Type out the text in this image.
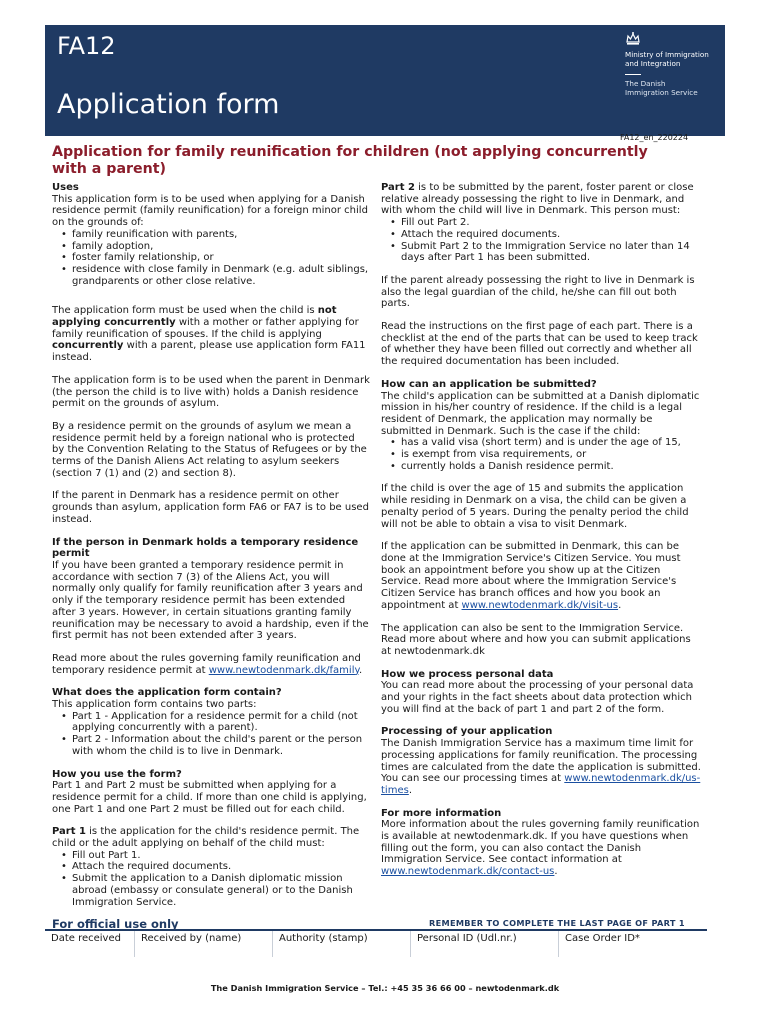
FA12
Application form
Ministry of Immigration
and Integration
The Danish
Immigration Service
FA12_en_220224
Application for family reunification for children (not applying concurrently with a parent)

Uses

This application form is to be used when applying for a Danish residence permit (family reunification) for a foreign minor child on the grounds of:

• family reunification with parents,
• family adoption,
• foster family relationship, or
• residence with close family in Denmark (e.g. adult siblings, grandparents or other close relative.

The application form must be used when the child is not applying concurrently with a mother or father applying for family reunification of spouses. If the child is applying concurrently with a parent, please use application form FA11 instead.

The application form is to be used when the parent in Denmark (the person the child is to live with) holds a Danish residence permit on the grounds of asylum.

By a residence permit on the grounds of asylum we mean a residence permit held by a foreign national who is protected by the Convention Relating to the Status of Refugees or by the terms of the Danish Aliens Act relating to asylum seekers (section 7 (1) and (2) and section 8).

If the parent in Denmark has a residence permit on other grounds than asylum, application form FA6 or FA7 is to be used instead.

If the person in Denmark holds a temporary residence permit

If you have been granted a temporary residence permit in accordance with section 7 (3) of the Aliens Act, you will normally only qualify for family reunification after 3 years and only if the temporary residence permit has been extended after 3 years. However, in certain situations granting family reunification may be necessary to avoid a hardship, even if the first permit has not been extended after 3 years.

Read more about the rules governing family reunification and temporary residence permit at www.newtodenmark.dk/family.

What does the application form contain?

This application form contains two parts:

• Part 1 - Application for a residence permit for a child (not applying concurrently with a parent).
• Part 2 - Information about the child's parent or the person with whom the child is to live in Denmark.

How you use the form?

Part 1 and Part 2 must be submitted when applying for a residence permit for a child. If more than one child is applying, one Part 1 and one Part 2 must be filled out for each child.

Part 1 is the application for the child's residence permit. The child or the adult applying on behalf of the child must:

• Fill out Part 1.
• Attach the required documents.
• Submit the application to a Danish diplomatic mission abroad (embassy or consulate general) or to the Danish Immigration Service.

Part 2 is to be submitted by the parent, foster parent or close relative already possessing the right to live in Denmark, and with whom the child will live in Denmark. This person must:

• Fill out Part 2.
• Attach the required documents.
• Submit Part 2 to the Immigration Service no later than 14 days after Part 1 has been submitted.

If the parent already possessing the right to live in Denmark is also the legal guardian of the child, he/she can fill out both parts.

Read the instructions on the first page of each part. There is a checklist at the end of the parts that can be used to keep track of whether they have been filled out correctly and whether all the required documentation has been included.

How can an application be submitted?

The child's application can be submitted at a Danish diplomatic mission in his/her country of residence. If the child is a legal resident of Denmark, the application may normally be submitted in Denmark. Such is the case if the child:

• has a valid visa (short term) and is under the age of 15,
• is exempt from visa requirements, or
• currently holds a Danish residence permit.

If the child is over the age of 15 and submits the application while residing in Denmark on a visa, the child can be given a penalty period of 5 years. During the penalty period the child will not be able to obtain a visa to visit Denmark.

If the application can be submitted in Denmark, this can be done at the Immigration Service's Citizen Service. You must book an appointment before you show up at the Citizen Service. Read more about where the Immigration Service's Citizen Service has branch offices and how you book an appointment at www.newtodenmark.dk/visit-us.

The application can also be sent to the Immigration Service. Read more about where and how you can submit applications at newtodenmark.dk

How we process personal data

You can read more about the processing of your personal data and your rights in the fact sheets about data protection which you will find at the back of part 1 and part 2 of the form.

Processing of your application

The Danish Immigration Service has a maximum time limit for processing applications for family reunification. The processing times are calculated from the date the application is submitted. You can see our processing times at www.newtodenmark.dk/us-times.

For more information

More information about the rules governing family reunification is available at newtodenmark.dk. If you have questions when filling out the form, you can also contact the Danish Immigration Service. See contact information at www.newtodenmark.dk/contact-us.

For official use only	REMEMBER TO COMPLETE THE LAST PAGE OF PART 1
Date received	Received by (name)	Authority (stamp)	Personal ID (Udl.nr.)	Case Order ID*
The Danish Immigration Service – Tel.: +45 35 36 66 00 – newtodenmark.dk
